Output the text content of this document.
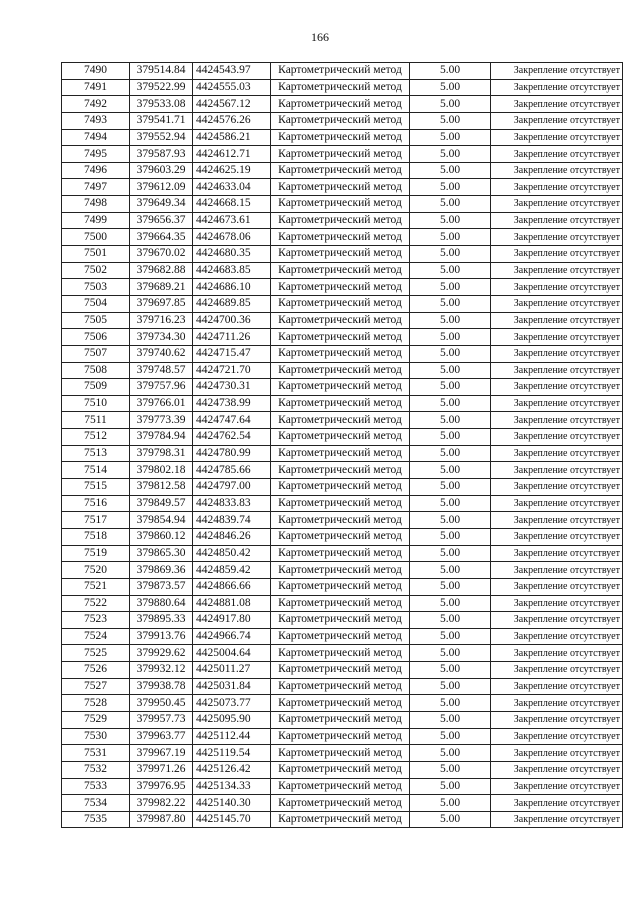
166
7490	379514.84	4424543.97	Картометрический метод	5.00	Закрепление отсутствует
7491	379522.99	4424555.03	Картометрический метод	5.00	Закрепление отсутствует
7492	379533.08	4424567.12	Картометрический метод	5.00	Закрепление отсутствует
7493	379541.71	4424576.26	Картометрический метод	5.00	Закрепление отсутствует
7494	379552.94	4424586.21	Картометрический метод	5.00	Закрепление отсутствует
7495	379587.93	4424612.71	Картометрический метод	5.00	Закрепление отсутствует
7496	379603.29	4424625.19	Картометрический метод	5.00	Закрепление отсутствует
7497	379612.09	4424633.04	Картометрический метод	5.00	Закрепление отсутствует
7498	379649.34	4424668.15	Картометрический метод	5.00	Закрепление отсутствует
7499	379656.37	4424673.61	Картометрический метод	5.00	Закрепление отсутствует
7500	379664.35	4424678.06	Картометрический метод	5.00	Закрепление отсутствует
7501	379670.02	4424680.35	Картометрический метод	5.00	Закрепление отсутствует
7502	379682.88	4424683.85	Картометрический метод	5.00	Закрепление отсутствует
7503	379689.21	4424686.10	Картометрический метод	5.00	Закрепление отсутствует
7504	379697.85	4424689.85	Картометрический метод	5.00	Закрепление отсутствует
7505	379716.23	4424700.36	Картометрический метод	5.00	Закрепление отсутствует
7506	379734.30	4424711.26	Картометрический метод	5.00	Закрепление отсутствует
7507	379740.62	4424715.47	Картометрический метод	5.00	Закрепление отсутствует
7508	379748.57	4424721.70	Картометрический метод	5.00	Закрепление отсутствует
7509	379757.96	4424730.31	Картометрический метод	5.00	Закрепление отсутствует
7510	379766.01	4424738.99	Картометрический метод	5.00	Закрепление отсутствует
7511	379773.39	4424747.64	Картометрический метод	5.00	Закрепление отсутствует
7512	379784.94	4424762.54	Картометрический метод	5.00	Закрепление отсутствует
7513	379798.31	4424780.99	Картометрический метод	5.00	Закрепление отсутствует
7514	379802.18	4424785.66	Картометрический метод	5.00	Закрепление отсутствует
7515	379812.58	4424797.00	Картометрический метод	5.00	Закрепление отсутствует
7516	379849.57	4424833.83	Картометрический метод	5.00	Закрепление отсутствует
7517	379854.94	4424839.74	Картометрический метод	5.00	Закрепление отсутствует
7518	379860.12	4424846.26	Картометрический метод	5.00	Закрепление отсутствует
7519	379865.30	4424850.42	Картометрический метод	5.00	Закрепление отсутствует
7520	379869.36	4424859.42	Картометрический метод	5.00	Закрепление отсутствует
7521	379873.57	4424866.66	Картометрический метод	5.00	Закрепление отсутствует
7522	379880.64	4424881.08	Картометрический метод	5.00	Закрепление отсутствует
7523	379895.33	4424917.80	Картометрический метод	5.00	Закрепление отсутствует
7524	379913.76	4424966.74	Картометрический метод	5.00	Закрепление отсутствует
7525	379929.62	4425004.64	Картометрический метод	5.00	Закрепление отсутствует
7526	379932.12	4425011.27	Картометрический метод	5.00	Закрепление отсутствует
7527	379938.78	4425031.84	Картометрический метод	5.00	Закрепление отсутствует
7528	379950.45	4425073.77	Картометрический метод	5.00	Закрепление отсутствует
7529	379957.73	4425095.90	Картометрический метод	5.00	Закрепление отсутствует
7530	379963.77	4425112.44	Картометрический метод	5.00	Закрепление отсутствует
7531	379967.19	4425119.54	Картометрический метод	5.00	Закрепление отсутствует
7532	379971.26	4425126.42	Картометрический метод	5.00	Закрепление отсутствует
7533	379976.95	4425134.33	Картометрический метод	5.00	Закрепление отсутствует
7534	379982.22	4425140.30	Картометрический метод	5.00	Закрепление отсутствует
7535	379987.80	4425145.70	Картометрический метод	5.00	Закрепление отсутствует
